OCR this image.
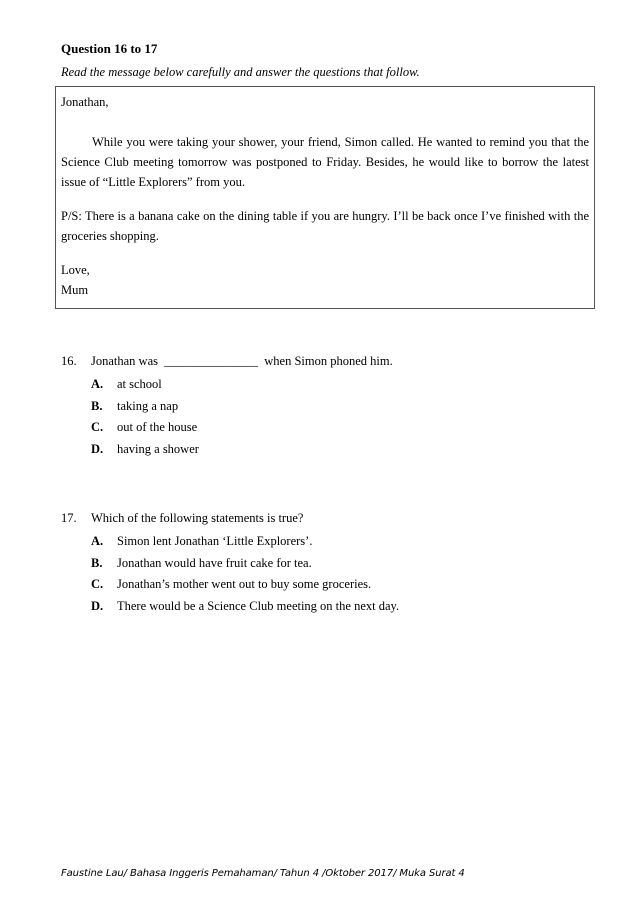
Question 16 to 17
Read the message below carefully and answer the questions that follow.
Jonathan,
While you were taking your shower, your friend, Simon called. He wanted to remind you that the Science Club meeting tomorrow was postponed to Friday. Besides, he would like to borrow the latest issue of “Little Explorers” from you.
P/S: There is a banana cake on the dining table if you are hungry. I’ll be back once I’ve finished with the groceries shopping.
Love,
Mum
16. Jonathan was  _______________  when Simon phoned him.
A. at school
B. taking a nap
C. out of the house
D. having a shower
17. Which of the following statements is true?
A. Simon lent Jonathan ‘Little Explorers’.
B. Jonathan would have fruit cake for tea.
C. Jonathan’s mother went out to buy some groceries.
D. There would be a Science Club meeting on the next day.
Faustine Lau/ Bahasa Inggeris Pemahaman/ Tahun 4 /Oktober 2017/ Muka Surat 4
